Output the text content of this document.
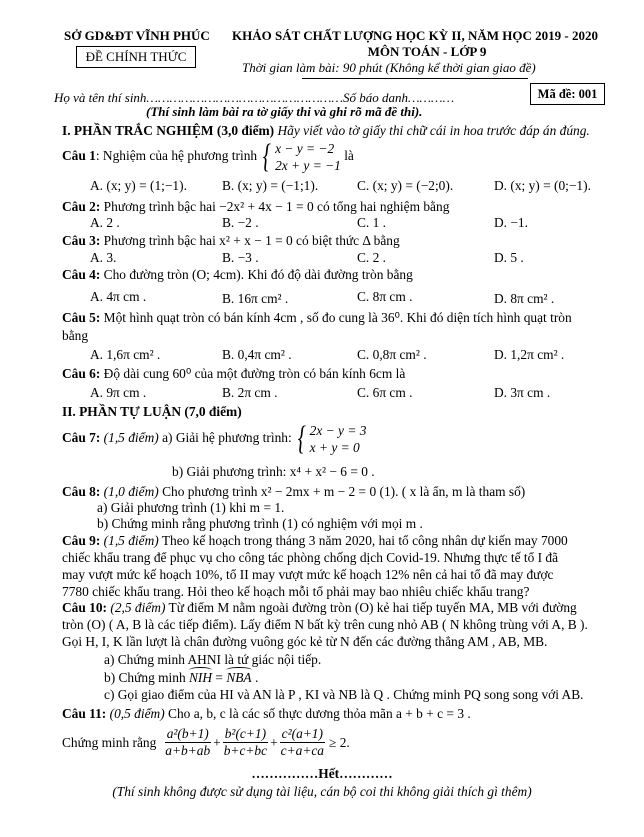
SỞ GD&ĐT VĨNH PHÚC
ĐỀ CHÍNH THỨC
KHẢO SÁT CHẤT LƯỢNG HỌC KỲ II, NĂM HỌC 2019 - 2020
MÔN TOÁN - LỚP 9
Thời gian làm bài: 90 phút (Không kể thời gian giao đề)
Họ và tên thí sinh……………………………………………Số báo danh…………	Mã đề: 001
(Thí sinh làm bài ra tờ giấy thi và ghi rõ mã đề thi).
I. PHẦN TRẮC NGHIỆM (3,0 điểm) Hãy viết vào tờ giấy thi chữ cái in hoa trước đáp án đúng.
Câu 1: Nghiệm của hệ phương trình { x − y = −2
2x + y = −1
là
A. (x; y) = (1;−1).	B. (x; y) = (−1;1).	C. (x; y) = (−2;0).	D. (x; y) = (0;−1).
Câu 2: Phương trình bậc hai −2x² + 4x − 1 = 0 có tổng hai nghiệm bằng
A. 2 .	B. −2 .	C. 1 .	D. −1.
Câu 3: Phương trình bậc hai x² + x − 1 = 0 có biệt thức Δ bằng
A. 3.	B. −3 .	C. 2 .	D. 5 .
Câu 4: Cho đường tròn (O; 4cm). Khi đó độ dài đường tròn bằng
A. 4π cm .	B. 16π cm² .	C. 8π cm .	D. 8π cm² .
Câu 5: Một hình quạt tròn có bán kính 4cm , số đo cung là 36⁰. Khi đó diện tích hình quạt tròn
bằng
A. 1,6π cm² .	B. 0,4π cm² .	C. 0,8π cm² .	D. 1,2π cm² .
Câu 6: Độ dài cung 60⁰ của một đường tròn có bán kính 6cm là
A. 9π cm .	B. 2π cm .	C. 6π cm .	D. 3π cm .
II. PHẦN TỰ LUẬN (7,0 điểm)
Câu 7: (1,5 điểm) a) Giải hệ phương trình: { 2x − y = 3
x + y = 0
b) Giải phương trình: x⁴ + x² − 6 = 0 .
Câu 8: (1,0 điểm) Cho phương trình x² − 2mx + m − 2 = 0 (1). ( x là ẩn, m là tham số)
a) Giải phương trình (1) khi m = 1.
b) Chứng minh rằng phương trình (1) có nghiệm với mọi m .
Câu 9: (1,5 điểm) Theo kế hoạch trong tháng 3 năm 2020, hai tổ công nhân dự kiến may 7000
chiếc khẩu trang để phục vụ cho công tác phòng chống dịch Covid-19. Nhưng thực tế tổ I đã
may vượt mức kế hoạch 10%, tổ II may vượt mức kế hoạch 12% nên cả hai tổ đã may được
7780 chiếc khẩu trang. Hỏi theo kế hoạch mỗi tổ phải may bao nhiêu chiếc khẩu trang?
Câu 10: (2,5 điểm) Từ điểm M nằm ngoài đường tròn (O) kẻ hai tiếp tuyến MA, MB với đường
tròn (O) ( A, B là các tiếp điểm). Lấy điểm N bất kỳ trên cung nhỏ AB ( N không trùng với A, B ).
Gọi H, I, K lần lượt là chân đường vuông góc kẻ từ N đến các đường thẳng AM , AB, MB.
a) Chứng minh AHNI là tứ giác nội tiếp.
b) Chứng minh NIH = NBA .
c) Gọi giao điểm của HI và AN là P , KI và NB là Q . Chứng minh PQ song song với AB.
Câu 11: (0,5 điểm) Cho a, b, c là các số thực dương thỏa mãn a + b + c = 3 .
Chứng minh rằng $\frac{\text{a²(b+1)}}{a+b+ab} + \frac{\text{b²(c+1)}}{b+c+bc} + \frac{\text{c²(a+1)}}{c+a+ca} \ge 2$.
……………Hết…………
(Thí sinh không được sử dụng tài liệu, cán bộ coi thi không giải thích gì thêm)
